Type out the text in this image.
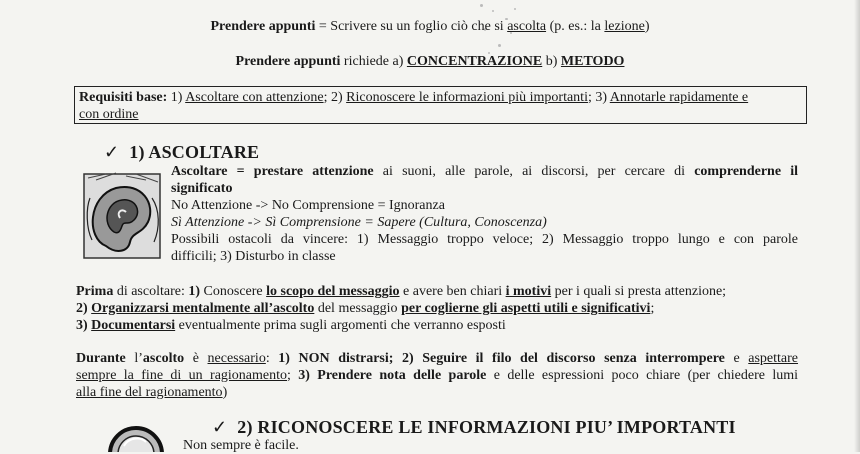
Prendere appunti = Scrivere su un foglio ciò che si ascolta (p. es.: la lezione)
Prendere appunti richiede a) CONCENTRAZIONE b) METODO
Requisiti base: 1) Ascoltare con attenzione; 2) Riconoscere le informazioni più importanti; 3) Annotarle rapidamente e
con ordine
✓ 1) ASCOLTARE
Ascoltare = prestare attenzione ai suoni, alle parole, ai discorsi, per cercare di comprenderne il
significato
No Attenzione -> No Comprensione = Ignoranza
Sì Attenzione -> Sì Comprensione = Sapere (Cultura, Conoscenza)
Possibili ostacoli da vincere: 1) Messaggio troppo veloce; 2) Messaggio troppo lungo e con parole
difficili; 3) Disturbo in classe
Prima di ascoltare: 1) Conoscere lo scopo del messaggio e avere ben chiari i motivi per i quali si presta attenzione;
2) Organizzarsi mentalmente all’ascolto del messaggio per coglierne gli aspetti utili e significativi;
3) Documentarsi eventualmente prima sugli argomenti che verranno esposti
Durante l’ascolto è necessario: 1) NON distrarsi; 2) Seguire il filo del discorso senza interrompere e aspettare
sempre la fine di un ragionamento; 3) Prendere nota delle parole e delle espressioni poco chiare (per chiedere lumi
alla fine del ragionamento)
✓ 2) RICONOSCERE LE INFORMAZIONI PIU’ IMPORTANTI
Non sempre è facile.
